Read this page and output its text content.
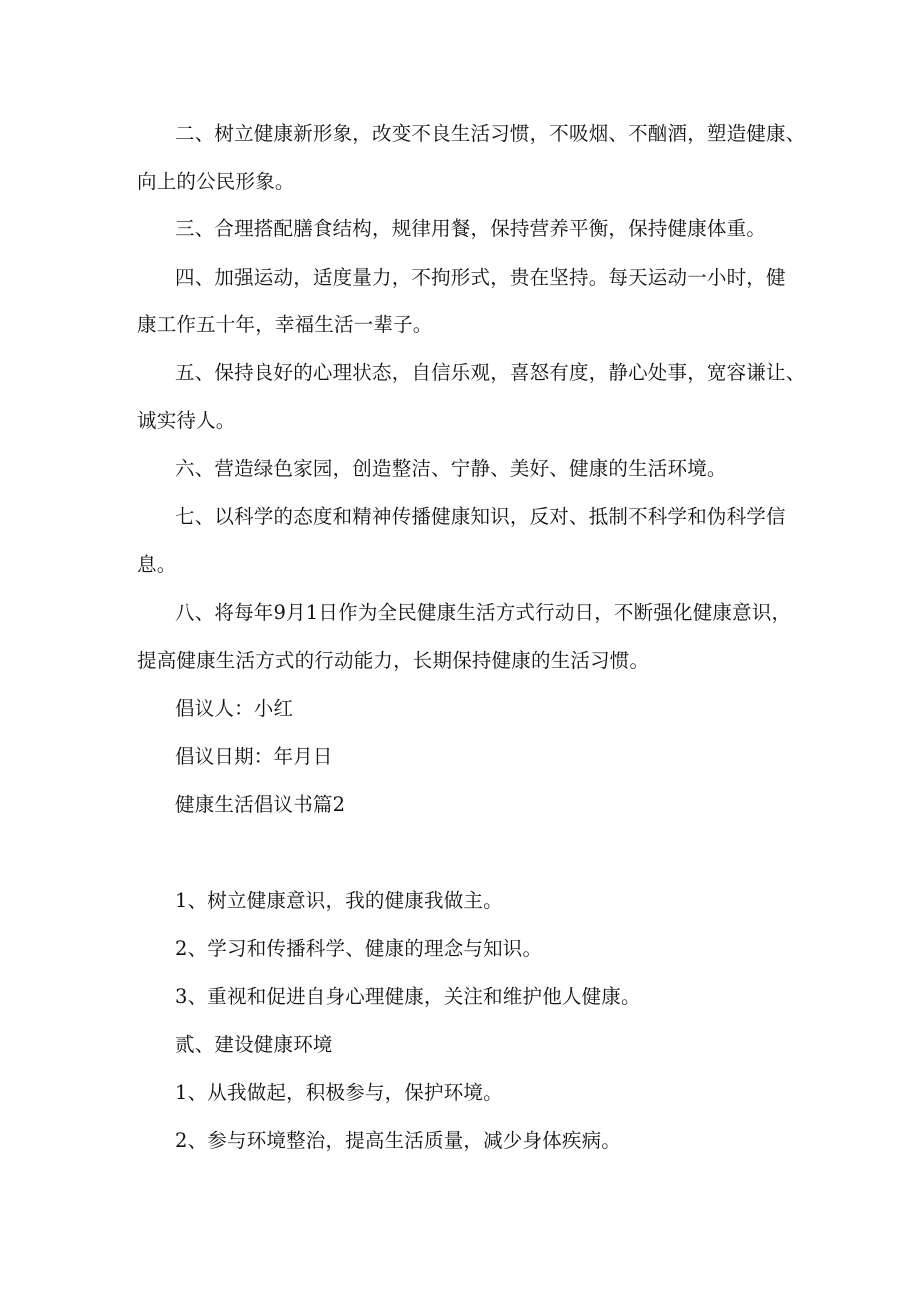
二、树立健康新形象，改变不良生活习惯，不吸烟、不酗酒，塑造健康、
向上的公民形象。
三、合理搭配膳食结构，规律用餐，保持营养平衡，保持健康体重。
四、加强运动，适度量力，不拘形式，贵在坚持。每天运动一小时，健
康工作五十年，幸福生活一辈子。
五、保持良好的心理状态，自信乐观，喜怒有度，静心处事，宽容谦让、
诚实待人。
六、营造绿色家园，创造整洁、宁静、美好、健康的生活环境。
七、以科学的态度和精神传播健康知识，反对、抵制不科学和伪科学信
息。
八、将每年9月1日作为全民健康生活方式行动日，不断强化健康意识，
提高健康生活方式的行动能力，长期保持健康的生活习惯。
倡议人：小红
倡议日期：年月日
健康生活倡议书篇2
1、树立健康意识，我的健康我做主。
2、学习和传播科学、健康的理念与知识。
3、重视和促进自身心理健康，关注和维护他人健康。
贰、建设健康环境
1、从我做起，积极参与，保护环境。
2、参与环境整治，提高生活质量，减少身体疾病。
